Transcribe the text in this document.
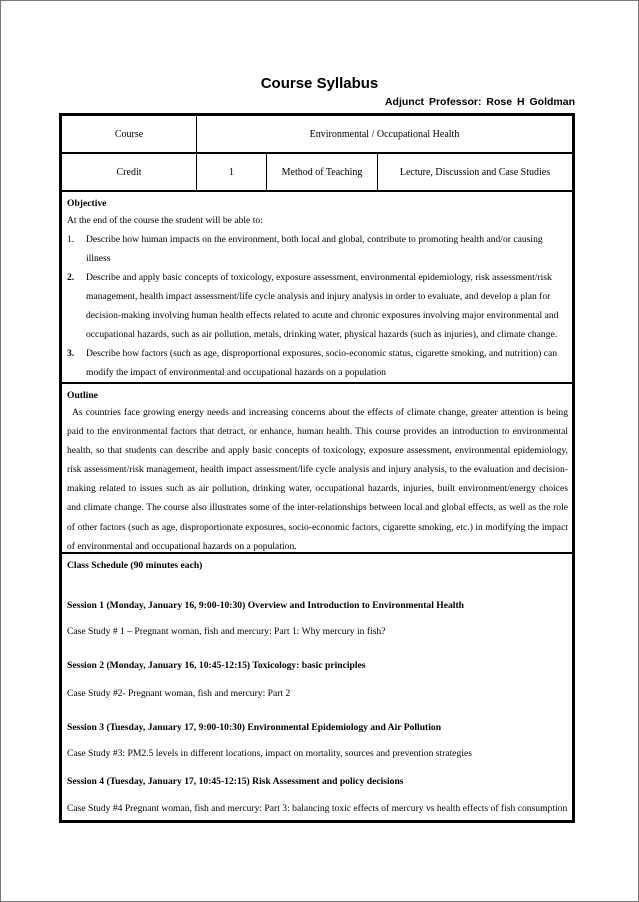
Course Syllabus
Adjunct Professor: Rose H Goldman
Course	Environmental / Occupational Health
Credit	1	Method of Teaching	Lecture, Discussion and Case Studies
Objective
At the end of the course the student will be able to:
1.	Describe how human impacts on the environment, both local and global, contribute to promoting health and/or causing illness
2.	Describe and apply basic concepts of toxicology, exposure assessment, environmental epidemiology, risk assessment/risk management, health impact assessment/life cycle analysis and injury analysis in order to evaluate, and develop a plan for decision-making involving human health effects related to acute and chronic exposures involving major environmental and occupational hazards, such as air pollution, metals, drinking water, physical hazards (such as injuries), and climate change.
3.	Describe how factors (such as age, disproportional exposures, socio-economic status, cigarette smoking, and nutrition) can modify the impact of environmental and occupational hazards on a population
Outline
As countries face growing energy needs and increasing concerns about the effects of climate change, greater attention is being paid to the environmental factors that detract, or enhance, human health. This course provides an introduction to environmental health, so that students can describe and apply basic concepts of toxicology, exposure assessment, environmental epidemiology, risk assessment/risk management, health impact assessment/life cycle analysis and injury analysis, to the evaluation and decision-making related to issues such as air pollution, drinking water, occupational hazards, injuries, built environment/energy choices and climate change. The course also illustrates some of the inter-relationships between local and global effects, as well as the role of other factors (such as age, disproportionate exposures, socio-economic factors, cigarette smoking, etc.) in modifying the impact of environmental and occupational hazards on a population.
Class Schedule (90 minutes each)
Session 1 (Monday, January 16, 9:00-10:30) Overview and Introduction to Environmental Health
Case Study # 1 – Pregnant woman, fish and mercury: Part 1: Why mercury in fish?
Session 2 (Monday, January 16, 10:45-12:15) Toxicology: basic principles
Case Study #2- Pregnant woman, fish and mercury: Part 2
Session 3 (Tuesday, January 17, 9:00-10:30) Environmental Epidemiology and Air Pollution
Case Study #3: PM2.5 levels in different locations, impact on mortality, sources and prevention strategies
Session 4 (Tuesday, January 17, 10:45-12:15) Risk Assessment and policy decisions
Case Study #4 Pregnant woman, fish and mercury: Part 3: balancing toxic effects of mercury vs health effects of fish consumption
